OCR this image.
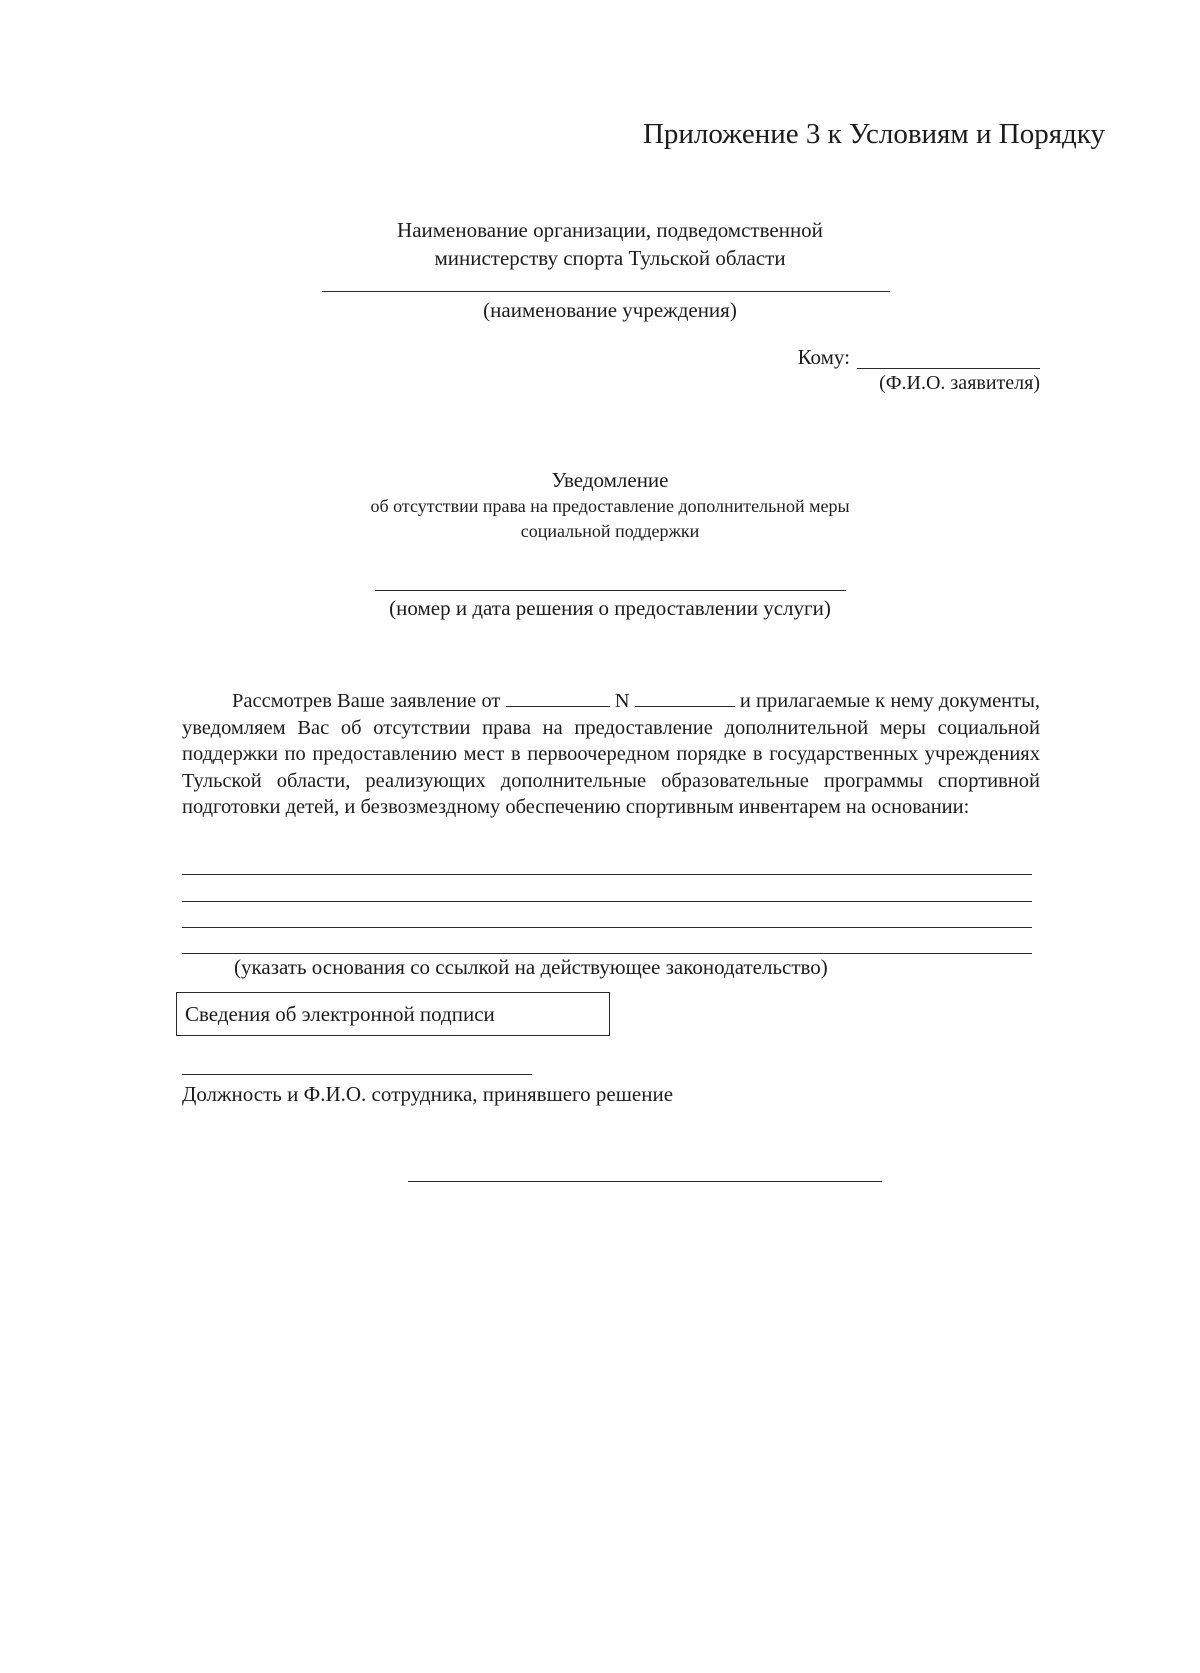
Приложение 3 к Условиям и Порядку
Наименование организации, подведомственной
министерству спорта Тульской области
(наименование учреждения)
Кому:
(Ф.И.О. заявителя)
Уведомление
об отсутствии права на предоставление дополнительной меры
социальной поддержки
(номер и дата решения о предоставлении услуги)
Рассмотрев Ваше заявление от	N	и прилагаемые к нему документы, уведомляем Вас об отсутствии права на предоставление дополнительной меры социальной поддержки по предоставлению мест в первоочередном порядке в государственных учреждениях Тульской области, реализующих дополнительные образовательные программы спортивной подготовки детей, и безвозмездному обеспечению спортивным инвентарем на основании:
(указать основания со ссылкой на действующее законодательство)
Сведения об электронной подписи
Должность и Ф.И.О. сотрудника, принявшего решение
